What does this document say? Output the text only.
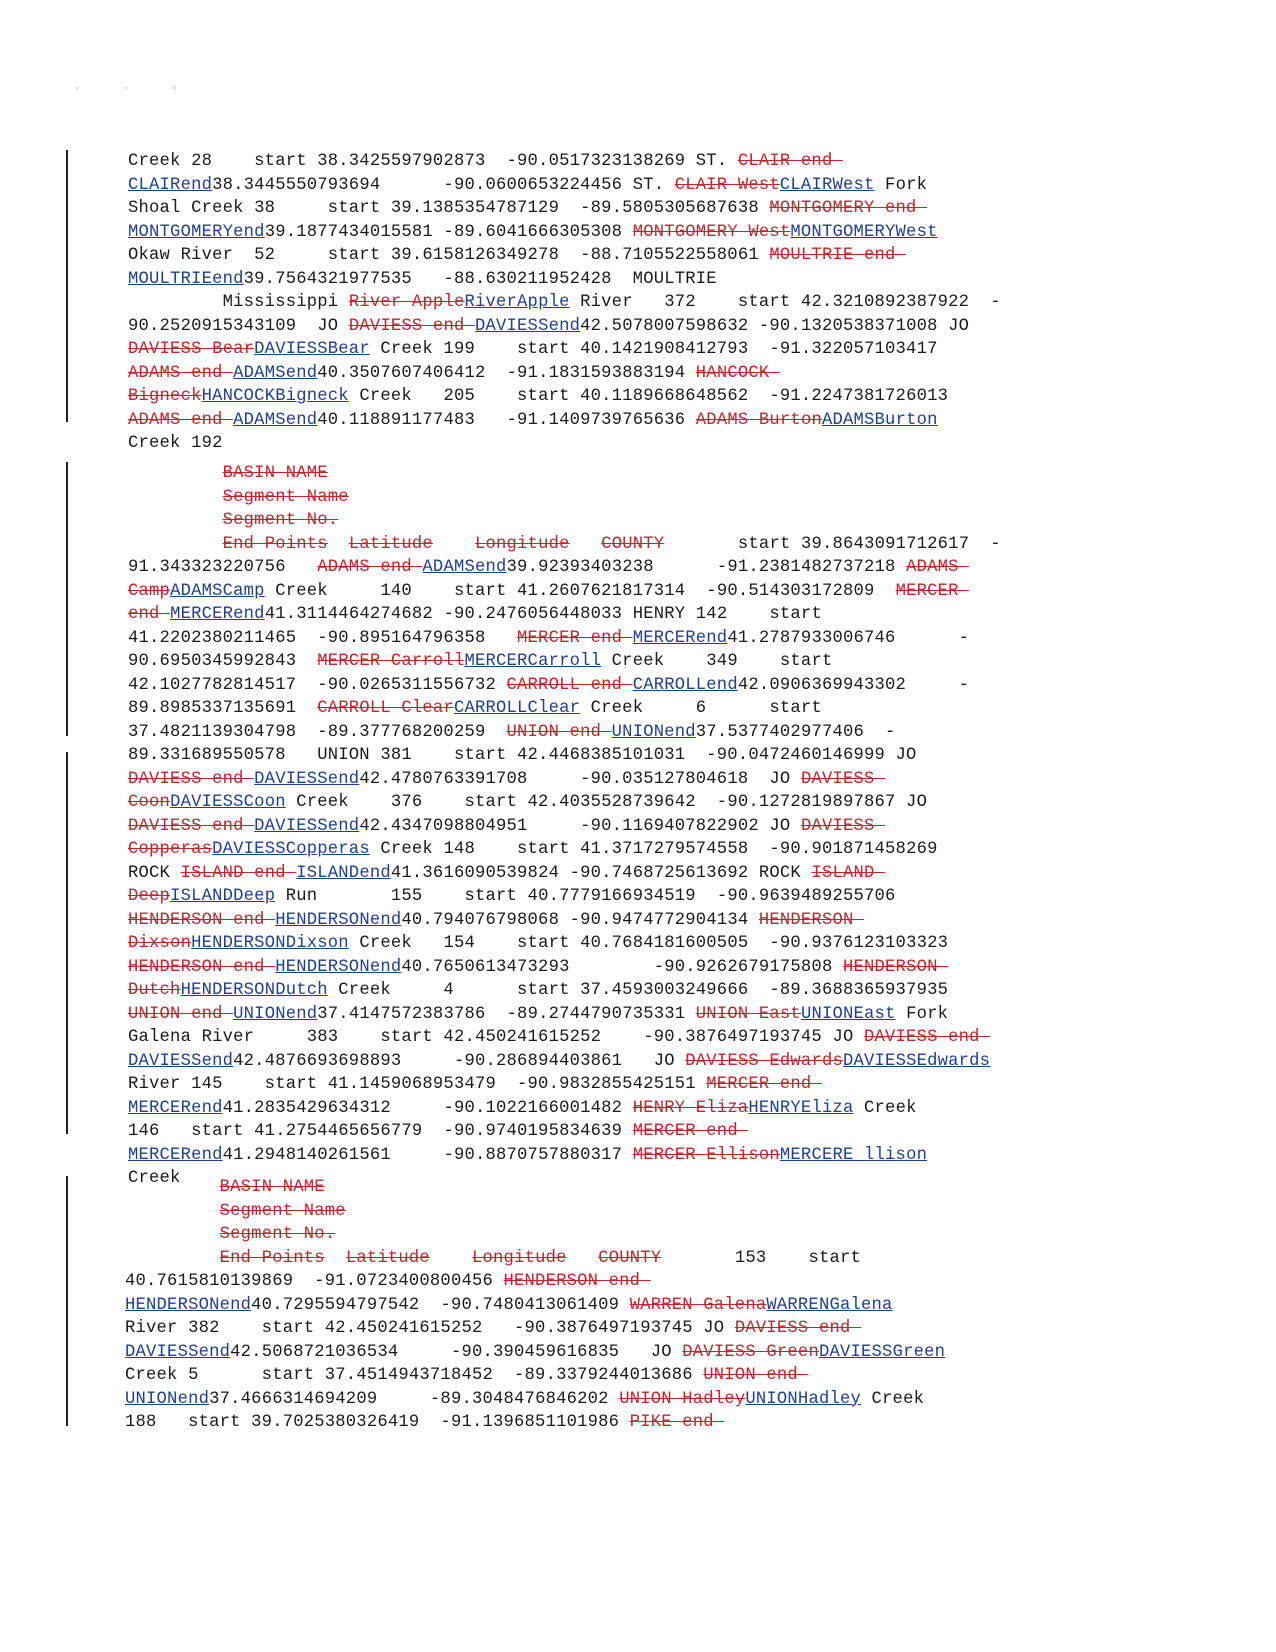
' ' '
Creek 28    start 38.3425597902873  -90.0517323138269 ST. CLAIR end
CLAIRend38.3445550793694      -90.0600653224456 ST. CLAIR WestCLAIRWest Fork
Shoal Creek 38     start 39.1385354787129  -89.5805305687638 MONTGOMERY end
MONTGOMERYend39.1877434015581 -89.6041666305308 MONTGOMERY WestMONTGOMERYWest
Okaw River  52     start 39.6158126349278  -88.7105522558061 MOULTRIE end
MOULTRIEend39.7564321977535   -88.630211952428  MOULTRIE
Mississippi River AppleRiverApple River   372    start 42.3210892387922  -
90.2520915343109  JO DAVIESS end DAVIESSend42.5078007598632 -90.1320538371008 JO
DAVIESS BearDAVIESSBear Creek 199    start 40.1421908412793  -91.322057103417
ADAMS end ADAMSend40.3507607406412  -91.1831593883194 HANCOCK
BigneckHANCOCKBigneck Creek   205    start 40.1189668648562  -91.2247381726013
ADAMS end ADAMSend40.118891177483   -91.1409739765636 ADAMS BurtonADAMSBurton
Creek 192
BASIN NAME
Segment Name
Segment No.
End Points Latitude Longitude COUNTY       start 39.8643091712617  -
91.343323220756   ADAMS end ADAMSend39.92393403238      -91.2381482737218 ADAMS
CampADAMSCamp Creek     140    start 41.2607621817314  -90.514303172809  MERCER
end MERCERend41.3114464274682 -90.2476056448033 HENRY 142    start
41.2202380211465  -90.895164796358   MERCER end MERCERend41.2787933006746      -
90.6950345992843  MERCER CarrollMERCERCarroll Creek    349    start
42.1027782814517  -90.0265311556732 CARROLL end CARROLLend42.0906369943302     -
89.8985337135691  CARROLL ClearCARROLLClear Creek     6      start
37.4821139304798  -89.377768200259  UNION end UNIONend37.5377402977406  -
89.331689550578   UNION 381    start 42.4468385101031  -90.0472460146999 JO
DAVIESS end DAVIESSend42.4780763391708     -90.035127804618  JO DAVIESS
CoonDAVIESSCoon Creek    376    start 42.4035528739642  -90.1272819897867 JO
DAVIESS end DAVIESSend42.4347098804951     -90.1169407822902 JO DAVIESS
CopperasDAVIESSCopperas Creek 148    start 41.3717279574558  -90.901871458269
ROCK ISLAND end ISLANDend41.3616090539824 -90.7468725613692 ROCK ISLAND
DeepISLANDDeep Run       155    start 40.7779166934519  -90.9639489255706
HENDERSON end HENDERSONend40.794076798068 -90.9474772904134 HENDERSON
DixsonHENDERSONDixson Creek   154    start 40.7684181600505  -90.9376123103323
HENDERSON end HENDERSONend40.7650613473293        -90.9262679175808 HENDERSON
DutchHENDERSONDutch Creek     4      start 37.4593003249666  -89.3688365937935
UNION end UNIONend37.4147572383786  -89.2744790735331 UNION EastUNIONEast Fork
Galena River     383    start 42.450241615252    -90.3876497193745 JO DAVIESS end
DAVIESSend42.4876693698893     -90.286894403861   JO DAVIESS EdwardsDAVIESSEdwards
River 145    start 41.1459068953479  -90.9832855425151 MERCER end
MERCERend41.2835429634312     -90.1022166001482 HENRY ElizaHENRYEliza Creek
146   start 41.2754465656779  -90.9740195834639 MERCER end
MERCERend41.2948140261561     -90.8870757880317 MERCER EllisonMERCERE llison
Creek	BASIN NAME
Segment Name
Segment No.
End Points Latitude Longitude COUNTY       153    start
40.7615810139869  -91.0723400800456 HENDERSON end
HENDERSONend40.7295594797542  -90.7480413061409 WARREN GalenaWARRENGalena
River 382    start 42.450241615252   -90.3876497193745 JO DAVIESS end
DAVIESSend42.5068721036534     -90.390459616835   JO DAVIESS GreenDAVIESSGreen
Creek 5      start 37.4514943718452  -89.3379244013686 UNION end
UNIONend37.4666314694209     -89.3048476846202 UNION HadleyUNIONHadley Creek
188   start 39.7025380326419  -91.1396851101986 PIKE end
